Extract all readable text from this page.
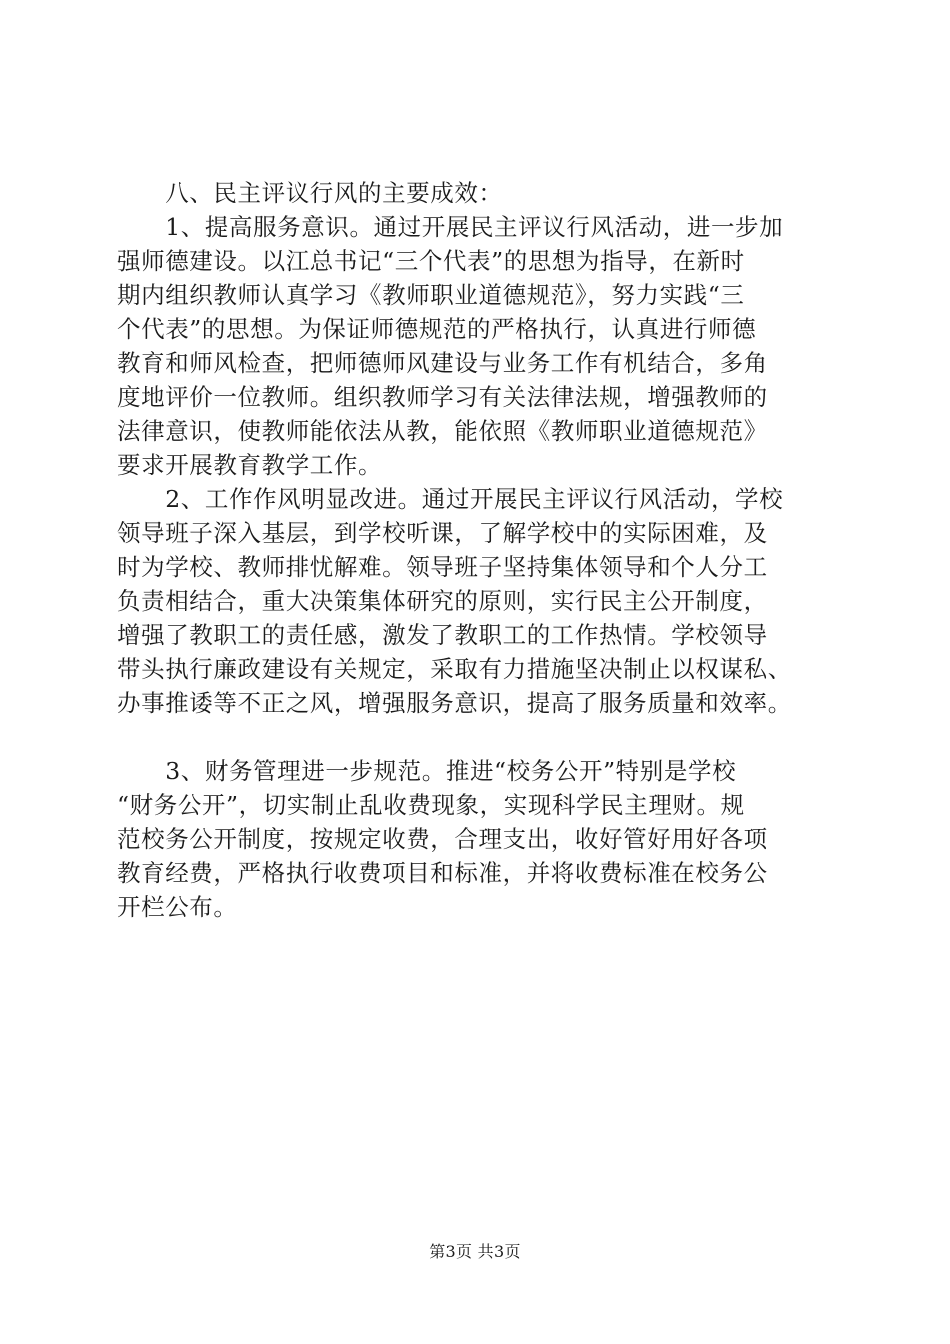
　　八、民主评议行风的主要成效：
　　1、提高服务意识。通过开展民主评议行风活动，进一步加
强师德建设。以江总书记“三个代表”的思想为指导，在新时
期内组织教师认真学习《教师职业道德规范》，努力实践“三
个代表”的思想。为保证师德规范的严格执行，认真进行师德
教育和师风检查，把师德师风建设与业务工作有机结合，多角
度地评价一位教师。组织教师学习有关法律法规，增强教师的
法律意识，使教师能依法从教，能依照《教师职业道德规范》
要求开展教育教学工作。
　　2、工作作风明显改进。通过开展民主评议行风活动，学校
领导班子深入基层，到学校听课，了解学校中的实际困难，及
时为学校、教师排忧解难。领导班子坚持集体领导和个人分工
负责相结合，重大决策集体研究的原则，实行民主公开制度，
增强了教职工的责任感，激发了教职工的工作热情。学校领导
带头执行廉政建设有关规定，采取有力措施坚决制止以权谋私、
办事推诿等不正之风，增强服务意识，提高了服务质量和效率。
　　3、财务管理进一步规范。推进“校务公开”特别是学校
“财务公开”，切实制止乱收费现象，实现科学民主理财。规
范校务公开制度，按规定收费，合理支出，收好管好用好各项
教育经费，严格执行收费项目和标准，并将收费标准在校务公
开栏公布。
第3页 共3页
